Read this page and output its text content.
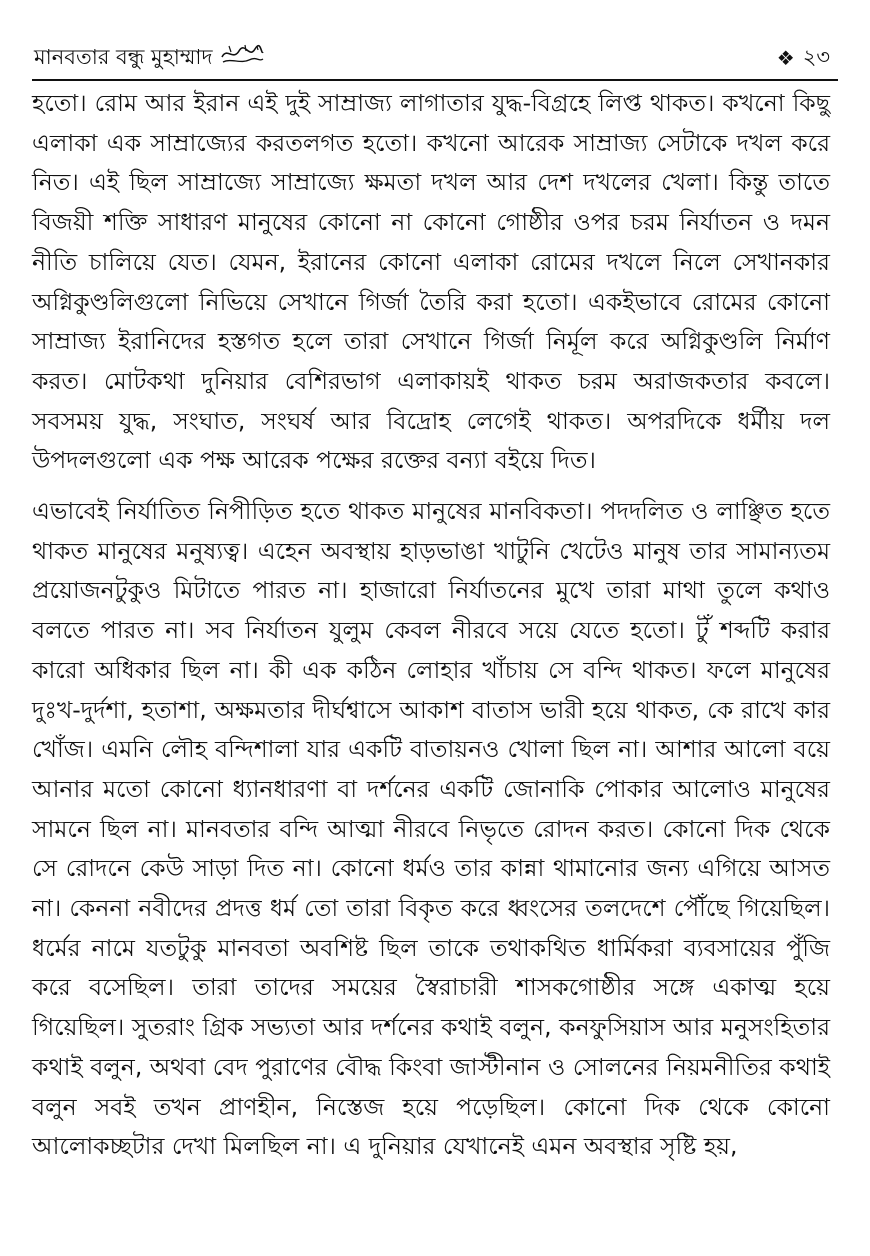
মানবতার বন্ধু মুহাম্মাদ	❖ ২৩

হতো। রোম আর ইরান এই দুই সাম্রাজ্য লাগাতার যুদ্ধ-বিগ্রহে লিপ্ত থাকত। কখনো কিছু এলাকা এক সাম্রাজ্যের করতলগত হতো। কখনো আরেক সাম্রাজ্য সেটাকে দখল করে নিত। এই ছিল সাম্রাজ্যে সাম্রাজ্যে ক্ষমতা দখল আর দেশ দখলের খেলা। কিন্তু তাতে বিজয়ী শক্তি সাধারণ মানুষের কোনো না কোনো গোষ্ঠীর ওপর চরম নির্যাতন ও দমন নীতি চালিয়ে যেত। যেমন, ইরানের কোনো এলাকা রোমের দখলে নিলে সেখানকার অগ্নিকুণ্ডলিগুলো নিভিয়ে সেখানে গির্জা তৈরি করা হতো। একইভাবে রোমের কোনো সাম্রাজ্য ইরানিদের হস্তগত হলে তারা সেখানে গির্জা নির্মূল করে অগ্নিকুণ্ডলি নির্মাণ করত। মোটকথা দুনিয়ার বেশিরভাগ এলাকায়ই থাকত চরম অরাজকতার কবলে। সবসময় যুদ্ধ, সংঘাত, সংঘর্ষ আর বিদ্রোহ লেগেই থাকত। অপরদিকে ধর্মীয় দল উপদলগুলো এক পক্ষ আরেক পক্ষের রক্তের বন্যা বইয়ে দিত।

এভাবেই নির্যাতিত নিপীড়িত হতে থাকত মানুষের মানবিকতা। পদদলিত ও লাঞ্ছিত হতে থাকত মানুষের মনুষ্যত্ব। এহেন অবস্থায় হাড়ভাঙা খাটুনি খেটেও মানুষ তার সামান্যতম প্রয়োজনটুকুও মিটাতে পারত না। হাজারো নির্যাতনের মুখে তারা মাথা তুলে কথাও বলতে পারত না। সব নির্যাতন যুলুম কেবল নীরবে সয়ে যেতে হতো। টুঁ শব্দটি করার কারো অধিকার ছিল না। কী এক কঠিন লোহার খাঁচায় সে বন্দি থাকত। ফলে মানুষের দুঃখ-দুর্দশা, হতাশা, অক্ষমতার দীর্ঘশ্বাসে আকাশ বাতাস ভারী হয়ে থাকত, কে রাখে কার খোঁজ। এমনি লৌহ বন্দিশালা যার একটি বাতায়নও খোলা ছিল না। আশার আলো বয়ে আনার মতো কোনো ধ্যানধারণা বা দর্শনের একটি জোনাকি পোকার আলোও মানুষের সামনে ছিল না। মানবতার বন্দি আত্মা নীরবে নিভৃতে রোদন করত। কোনো দিক থেকে সে রোদনে কেউ সাড়া দিত না। কোনো ধর্মও তার কান্না থামানোর জন্য এগিয়ে আসত না। কেননা নবীদের প্রদত্ত ধর্ম তো তারা বিকৃত করে ধ্বংসের তলদেশে পৌঁছে গিয়েছিল। ধর্মের নামে যতটুকু মানবতা অবশিষ্ট ছিল তাকে তথাকথিত ধার্মিকরা ব্যবসায়ের পুঁজি করে বসেছিল। তারা তাদের সময়ের স্বৈরাচারী শাসকগোষ্ঠীর সঙ্গে একাত্ম হয়ে গিয়েছিল। সুতরাং গ্রিক সভ্যতা আর দর্শনের কথাই বলুন, কনফুসিয়াস আর মনুসংহিতার কথাই বলুন, অথবা বেদ পুরাণের বৌদ্ধ কিংবা জাস্টীনান ও সোলনের নিয়মনীতির কথাই বলুন সবই তখন প্রাণহীন, নিস্তেজ হয়ে পড়েছিল। কোনো দিক থেকে কোনো আলোকচ্ছটার দেখা মিলছিল না। এ দুনিয়ার যেখানেই এমন অবস্থার সৃষ্টি হয়,
